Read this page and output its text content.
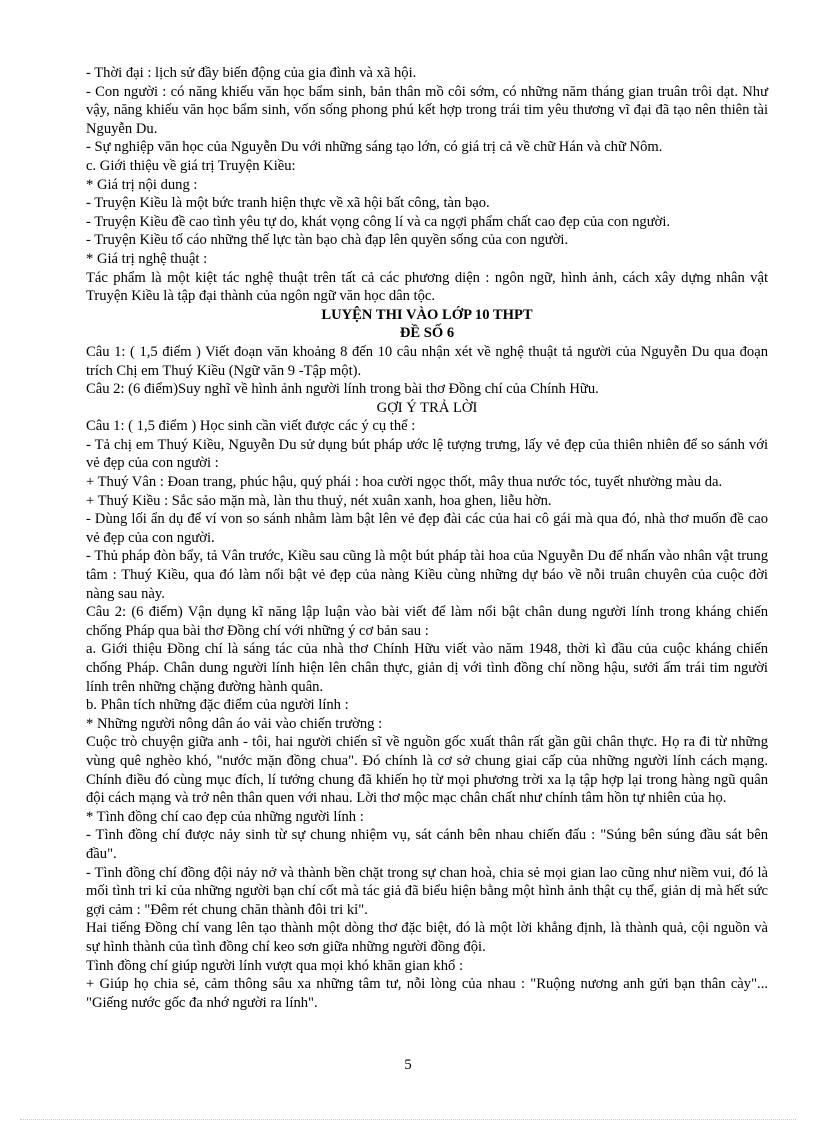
- Thời đại : lịch sử đầy biến động của gia đình và xã hội.

- Con người : có năng khiếu văn học bẩm sinh, bản thân mồ côi sớm, có những năm tháng gian truân trôi dạt. Như vậy, năng khiếu văn học bẩm sinh, vốn sống phong phú kết hợp trong trái tim yêu thương vĩ đại đã tạo nên thiên tài Nguyễn Du.

- Sự nghiệp văn học của Nguyễn Du với những sáng tạo lớn, có giá trị cả về chữ Hán và chữ Nôm.

c. Giới thiệu về giá trị Truyện Kiều:

* Giá trị nội dung :

- Truyện Kiều là một bức tranh hiện thực về xã hội bất công, tàn bạo.

- Truyện Kiều đề cao tình yêu tự do, khát vọng công lí và ca ngợi phẩm chất cao đẹp của con người.

- Truyện Kiều tố cáo những thế lực tàn bạo chà đạp lên quyền sống của con người.

* Giá trị nghệ thuật :

Tác phẩm là một kiệt tác nghệ thuật trên tất cả các phương diện : ngôn ngữ, hình ảnh, cách xây dựng nhân vật Truyện Kiều là tập đại thành của ngôn ngữ văn học dân tộc.

LUYỆN THI VÀO LỚP 10 THPT

ĐỀ SỐ 6

Câu 1: ( 1,5 điểm ) Viết đoạn văn khoảng 8 đến 10 câu nhận xét về nghệ thuật tả người của Nguyễn Du qua đoạn trích Chị em Thuý Kiều (Ngữ văn 9 -Tập một).

Câu 2: (6 điểm)Suy nghĩ về hình ảnh người lính trong bài thơ Đồng chí của Chính Hữu.

GỢI Ý TRẢ LỜI

Câu 1: ( 1,5 điểm ) Học sinh cần viết được các ý cụ thể :

- Tả chị em Thuý Kiều, Nguyễn Du sử dụng bút pháp ước lệ tượng trưng, lấy vẻ đẹp của thiên nhiên để so sánh với vẻ đẹp của con người :

+ Thuý Vân : Đoan trang, phúc hậu, quý phái : hoa cười ngọc thốt, mây thua nước tóc, tuyết nhường màu da.

+ Thuý Kiều : Sắc sảo mặn mà, làn thu thuỷ, nét xuân xanh, hoa ghen, liễu hờn.

- Dùng lối ẩn dụ để ví von so sánh nhằm làm bật lên vẻ đẹp đài các của hai cô gái mà qua đó, nhà thơ muốn đề cao vẻ đẹp của con người.

- Thủ pháp đòn bẩy, tả Vân trước, Kiều sau cũng là một bút pháp tài hoa của Nguyễn Du để nhấn vào nhân vật trung tâm : Thuý Kiều, qua đó làm nổi bật vẻ đẹp của nàng Kiều cùng những dự báo về nỗi truân chuyên của cuộc đời nàng sau này.

Câu 2: (6 điểm) Vận dụng kĩ năng lập luận vào bài viết để làm nổi bật chân dung người lính trong kháng chiến chống Pháp qua bài thơ Đồng chí với những ý cơ bản sau :

a. Giới thiệu Đồng chí là sáng tác của nhà thơ Chính Hữu viết vào năm 1948, thời kì đầu của cuộc kháng chiến chống Pháp. Chân dung người lính hiện lên chân thực, giản dị với tình đồng chí nồng hậu, sưởi ấm trái tim người lính trên những chặng đường hành quân.

b. Phân tích những đặc điểm của người lính :

* Những người nông dân áo vải vào chiến trường :

Cuộc trò chuyện giữa anh - tôi, hai người chiến sĩ về nguồn gốc xuất thân rất gần gũi chân thực. Họ ra đi từ những vùng quê nghèo khó, "nước mặn đồng chua". Đó chính là cơ sở chung giai cấp của những người lính cách mạng. Chính điều đó cùng mục đích, lí tưởng chung đã khiến họ từ mọi phương trời xa lạ tập hợp lại trong hàng ngũ quân đội cách mạng và trở nên thân quen với nhau. Lời thơ mộc mạc chân chất như chính tâm hồn tự nhiên của họ.

* Tình đồng chí cao đẹp của những người lính :

- Tình đồng chí được nảy sinh từ sự chung nhiệm vụ, sát cánh bên nhau chiến đấu : "Súng bên súng đầu sát bên đầu".

- Tình đồng chí đồng đội nảy nở và thành bền chặt trong sự chan hoà, chia sẻ mọi gian lao cũng như niềm vui, đó là mối tình tri kỉ của những người bạn chí cốt mà tác giả đã biểu hiện bằng một hình ảnh thật cụ thể, giản dị mà hết sức gợi cảm : "Đêm rét chung chăn thành đôi tri kỉ".

Hai tiếng Đồng chí vang lên tạo thành một dòng thơ đặc biệt, đó là một lời khẳng định, là thành quả, cội nguồn và sự hình thành của tình đồng chí keo sơn giữa những người đồng đội.

Tình đồng chí giúp người lính vượt qua mọi khó khăn gian khổ :

+ Giúp họ chia sẻ, cảm thông sâu xa những tâm tư, nỗi lòng của nhau : "Ruộng nương anh gửi bạn thân cày"... "Giếng nước gốc đa nhớ người ra lính".

5
